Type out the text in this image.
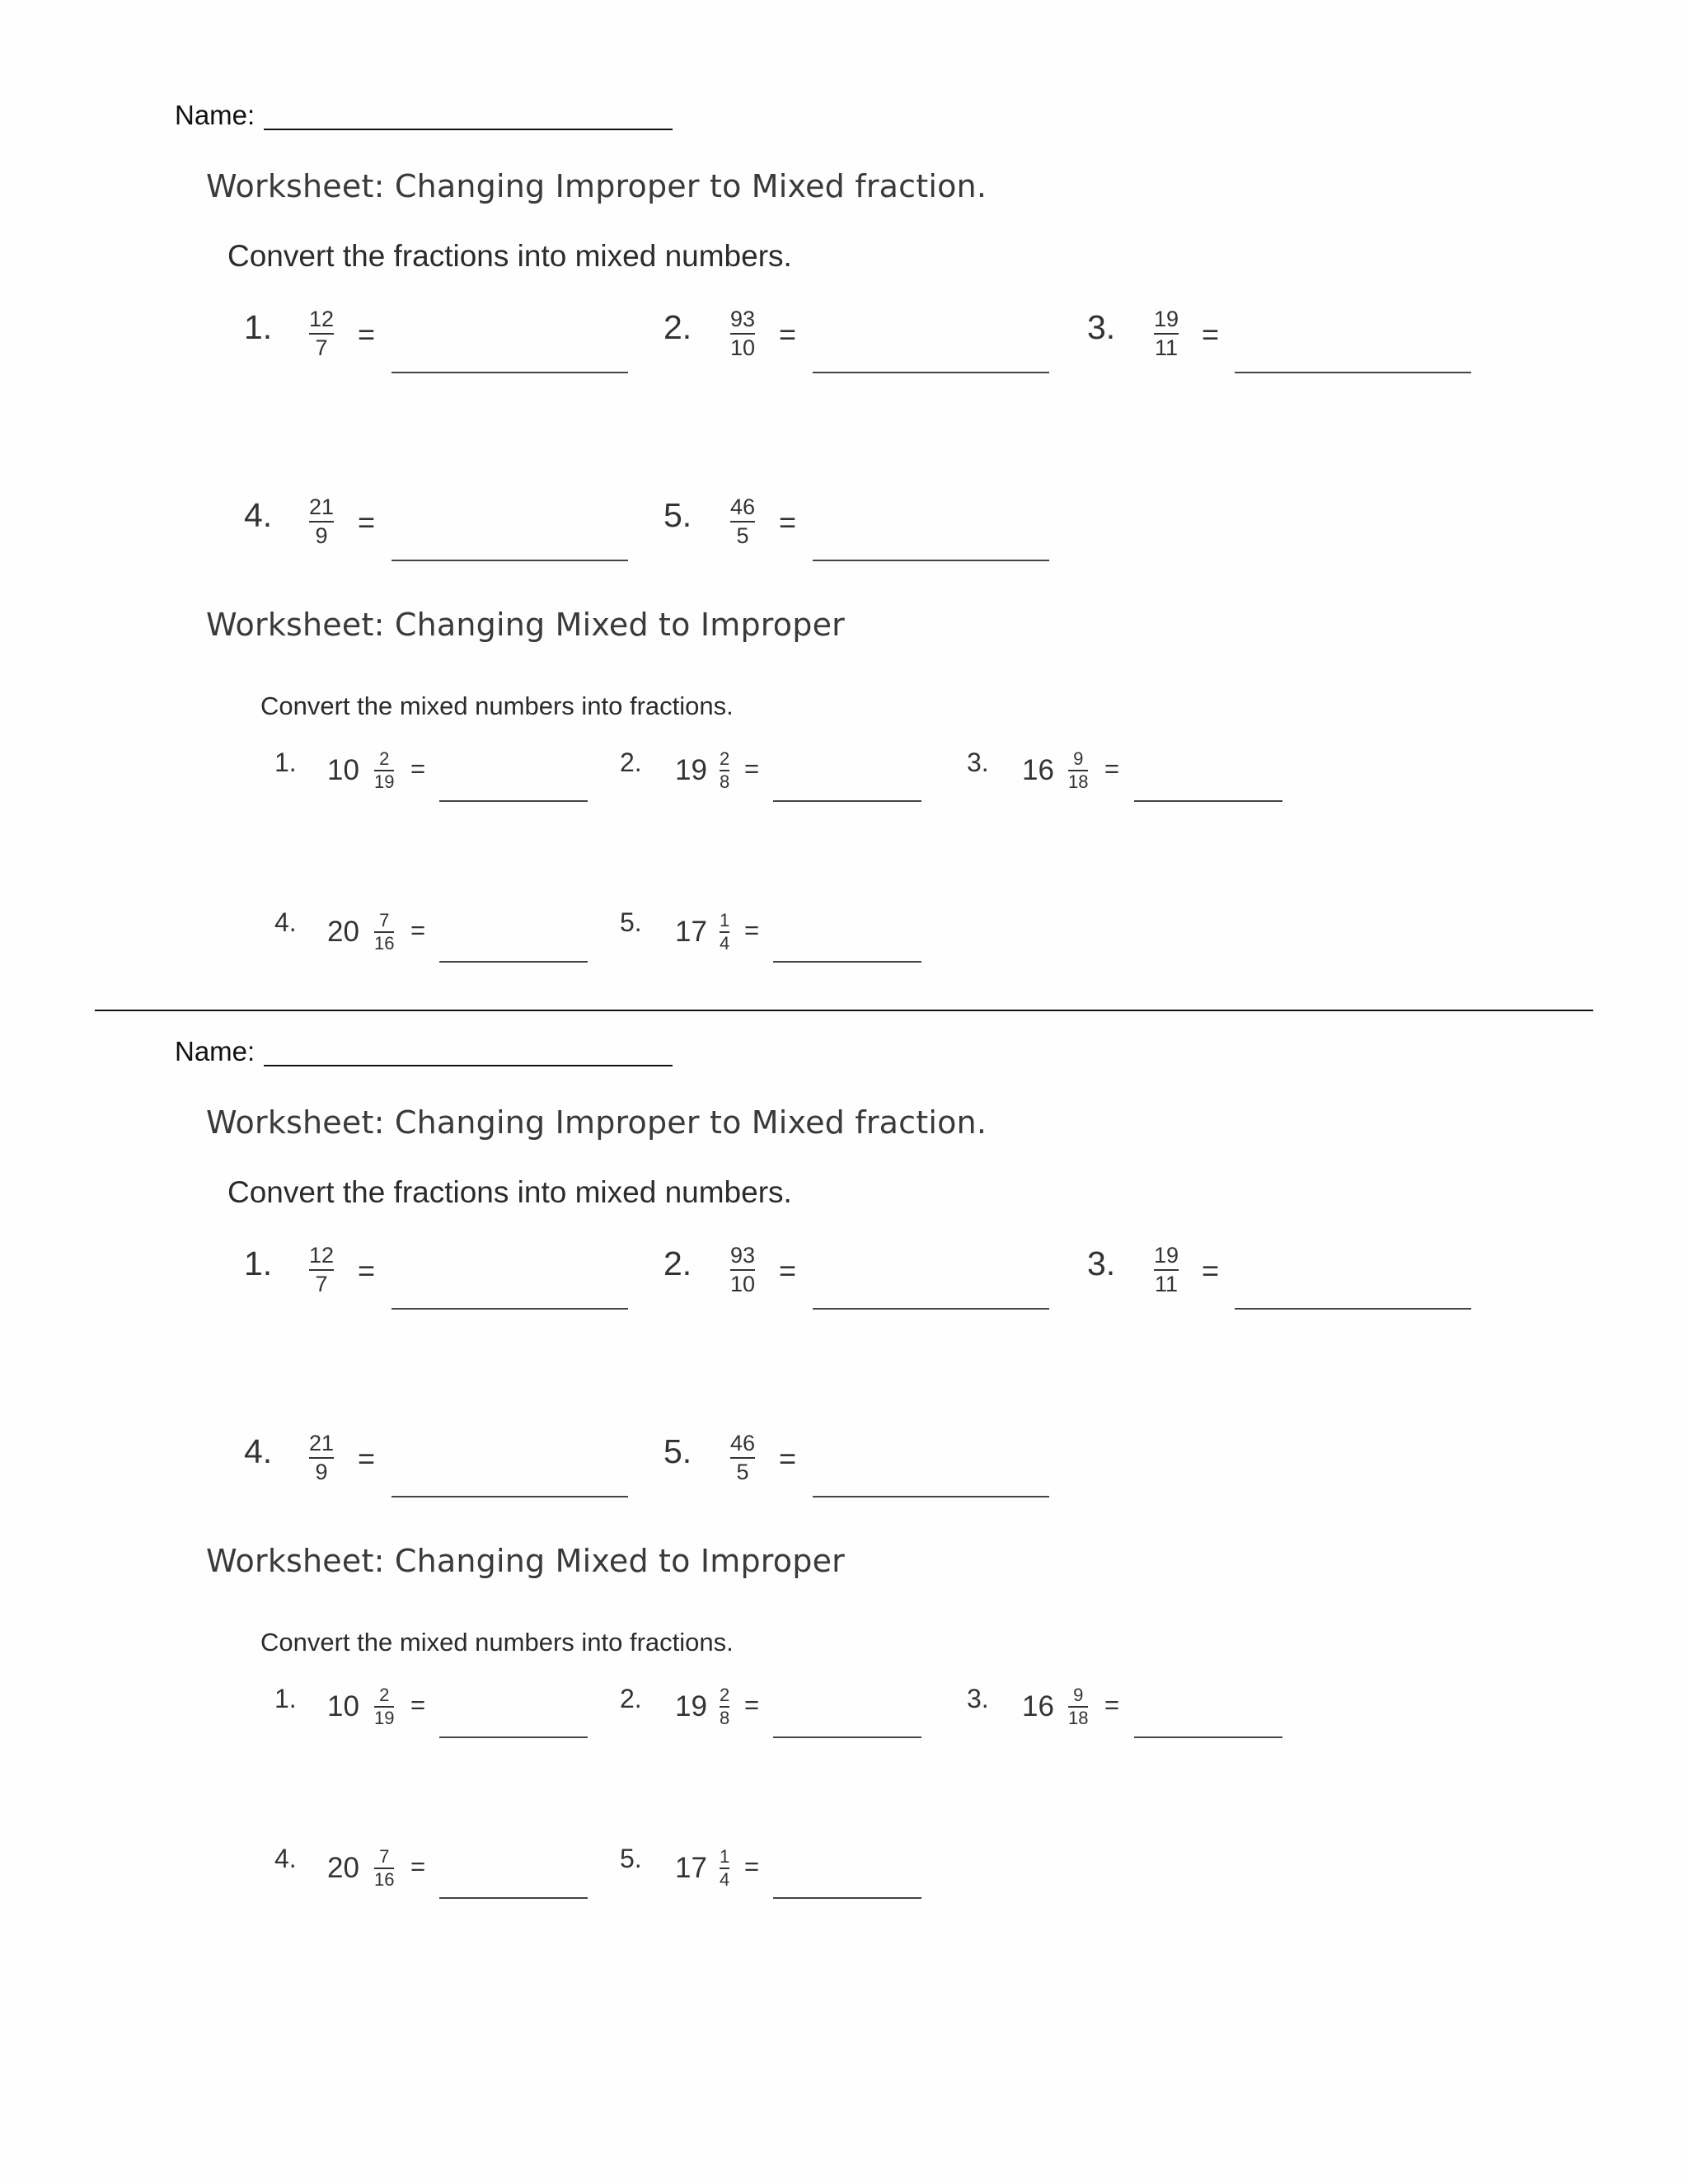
Name:
Worksheet: Changing Improper to Mixed fraction.
Convert the fractions into mixed numbers.
1. 12
7 =	2. 93
10 =	3. 19
11 =
4. 21
9 =	5. 46
5 =
Worksheet: Changing Mixed to Improper
Convert the mixed numbers into fractions.
1. 10 2
19 =	2. 19 2
8 =	3. 16 9
18 =
4. 20 7
16 =	5. 17 1
4 =
Name:
Worksheet: Changing Improper to Mixed fraction.
Convert the fractions into mixed numbers.
1. 12
7 =	2. 93
10 =	3. 19
11 =
4. 21
9 =	5. 46
5 =
Worksheet: Changing Mixed to Improper
Convert the mixed numbers into fractions.
1. 10 2
19 =	2. 19 2
8 =	3. 16 9
18 =
4. 20 7
16 =	5. 17 1
4 =
